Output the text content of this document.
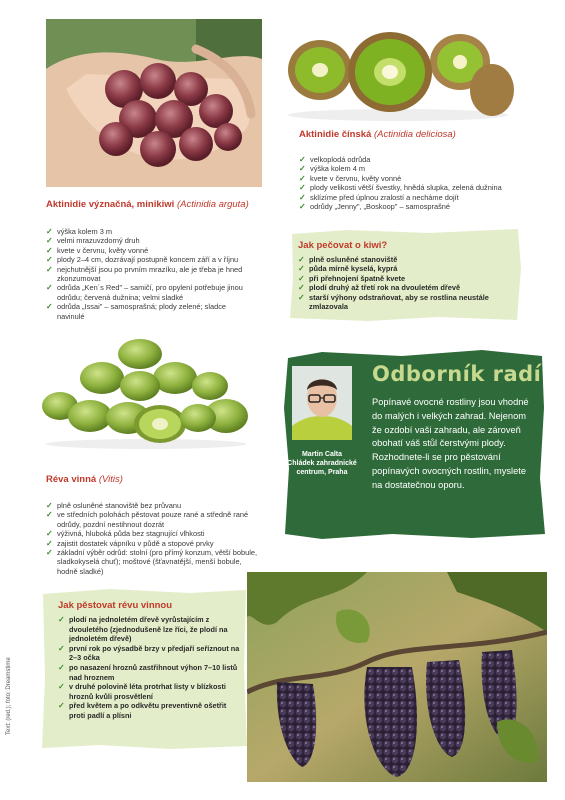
Aktinidie čínská (Actinidia deliciosa)
✓ velkoplodá odrůda
✓ výška kolem 4 m
✓ kvete v červnu, květy vonné
✓ plody velikosti větší švestky, hnědá slupka, zelená dužnina
✓ sklízíme před úplnou zralostí a necháme dojít
✓ odrůdy „Jenny", „Boskoop" – samosprašné
Jak pečovat o kiwi?
✓ plně osluněné stanoviště
✓ půda mírně kyselá, kyprá
✓ při přehnojení špatně kvete
✓ plodí druhý až třetí rok na dvouletém dřevě
✓ starší výhony odstraňovat, aby se rostlina neustále zmlazovala
Aktinidie význačná, minikiwi (Actinidia arguta)
✓ výška kolem 3 m
✓ velmi mrazuvzdorný druh
✓ kvete v červnu, květy vonné
✓ plody 2–4 cm, dozrávají postupně koncem září a v říjnu
✓ nejchutnější jsou po prvním mrazíku, ale je třeba je hned zkonzumovat
✓ odrůda „Ken´s Red" – samičí, pro opylení potřebuje jinou odrůdu; červená dužnina; velmi sladké
✓ odrůda „Issai" – samosprašná; plody zelené; sladce navinulé
Martin Calta
Chládek zahradnické centrum, Praha
Odborník radí
Popínavé ovocné rostliny jsou vhodné do malých i velkých zahrad. Nejenom že ozdobí vaši zahradu, ale zároveň obohatí váš stůl čerstvými plody. Rozhodnete-li se pro pěstování popínavých ovocných rostlin, myslete na dostatečnou oporu.
Réva vinná (Vitis)
✓ plně osluněné stanoviště bez průvanu
✓ ve středních polohách pěstovat pouze rané a středně rané odrůdy, pozdní nestihnout dozrát
✓ výživná, hluboká půda bez stagnující vlhkosti
✓ zajistit dostatek vápníku v půdě a stopové prvky
✓ základní výběr odrůd: stolní (pro přímý konzum, větší bobule, sladkokyselá chuť); moštové (šťavnatější, menší bobule, hodně sladké)
Jak pěstovat révu vinnou
✓ plodí na jednoletém dřevě vyrůstajícím z dvouletého (zjednodušeně lze říci, že plodí na jednoletém dřevě)
✓ první rok po výsadbě brzy v předjaří seříznout na 2–3 očka
✓ po nasazení hroznů zastřihnout výhon 7–10 listů nad hroznem
✓ v druhé polovině léta protrhat listy v blízkosti hroznů kvůli prosvětlení
✓ před květem a po odkvětu preventivně ošetřit proti padlí a plísni
Text: (red.); foto: Dreamstime
